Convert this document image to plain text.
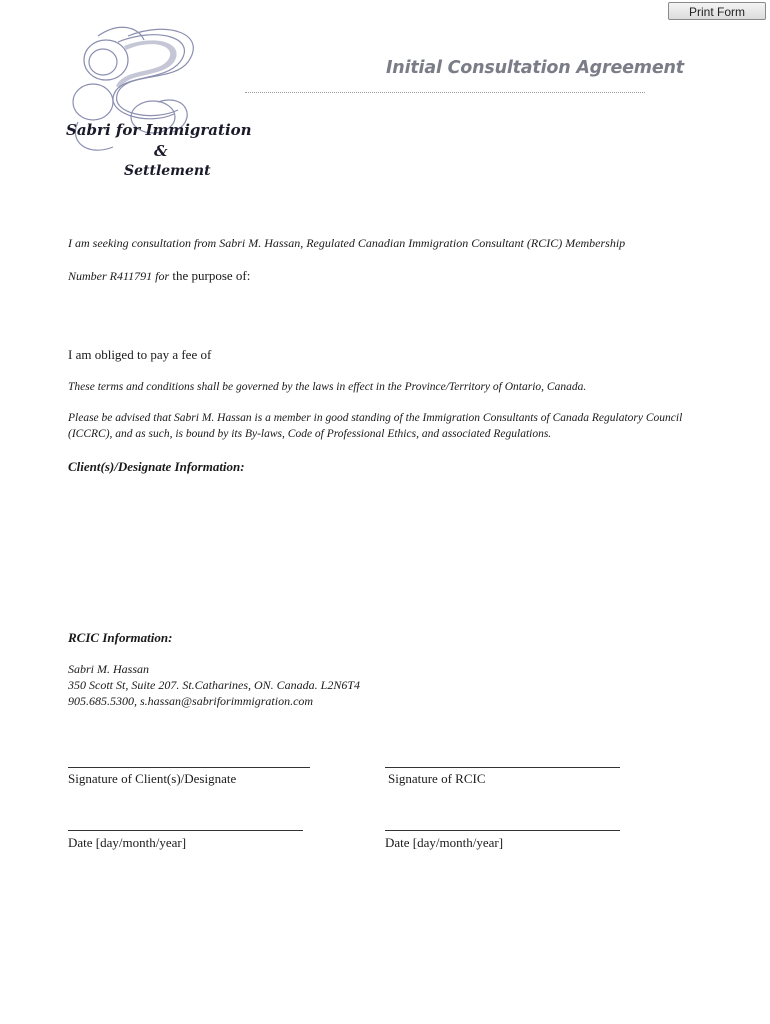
Print Form
Sabri for Immigration
&
Settlement
Initial Consultation Agreement
I am seeking consultation from Sabri M. Hassan, Regulated Canadian Immigration Consultant (RCIC) Membership
Number R411791 for the purpose of:
I am obliged to pay a fee of
These terms and conditions shall be governed by the laws in effect in the Province/Territory of Ontario, Canada.
Please be advised that Sabri M. Hassan is a member in good standing of the Immigration Consultants of Canada Regulatory Council
(ICCRC), and as such, is bound by its By-laws, Code of Professional Ethics, and associated Regulations.
Client(s)/Designate Information:
RCIC Information:
Sabri M. Hassan
350 Scott St, Suite 207. St.Catharines, ON. Canada. L2N6T4
905.685.5300, s.hassan@sabriforimmigration.com
Signature of Client(s)/Designate	Signature of RCIC
Date [day/month/year]	Date [day/month/year]
